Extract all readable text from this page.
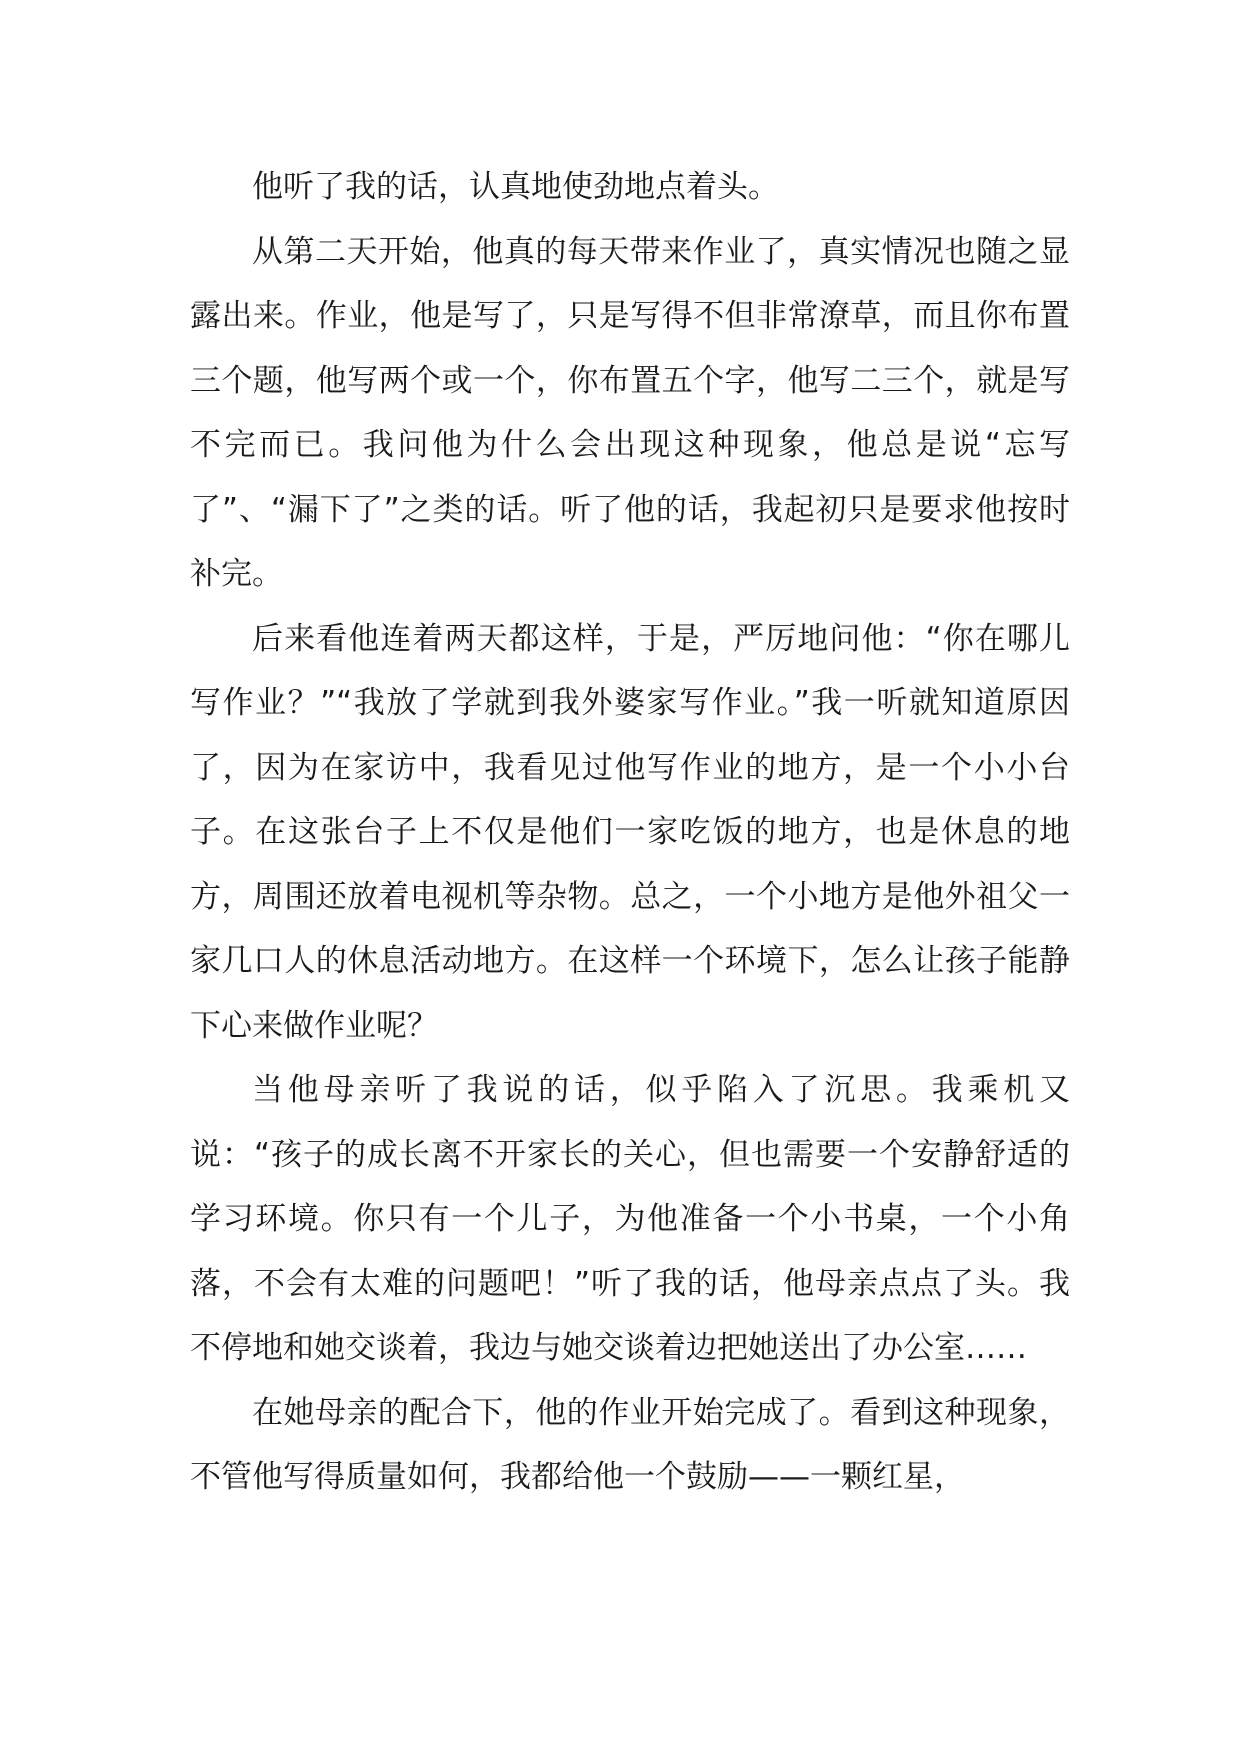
他听了我的话，认真地使劲地点着头。

从第二天开始，他真的每天带来作业了，真实情况也随之显露出来。作业，他是写了，只是写得不但非常潦草，而且你布置三个题，他写两个或一个，你布置五个字，他写二三个，就是写不完而已。我问他为什么会出现这种现象，他总是说“忘写了”、“漏下了”之类的话。听了他的话，我起初只是要求他按时补完。

后来看他连着两天都这样，于是，严厉地问他：“你在哪儿写作业？”“我放了学就到我外婆家写作业。”我一听就知道原因了，因为在家访中，我看见过他写作业的地方，是一个小小台子。在这张台子上不仅是他们一家吃饭的地方，也是休息的地方，周围还放着电视机等杂物。总之，一个小地方是他外祖父一家几口人的休息活动地方。在这样一个环境下，怎么让孩子能静下心来做作业呢？

当他母亲听了我说的话，似乎陷入了沉思。我乘机又说：“孩子的成长离不开家长的关心，但也需要一个安静舒适的学习环境。你只有一个儿子，为他准备一个小书桌，一个小角落，不会有太难的问题吧！”听了我的话，他母亲点点了头。我不停地和她交谈着，我边与她交谈着边把她送出了办公室……

在她母亲的配合下，他的作业开始完成了。看到这种现象，不管他写得质量如何，我都给他一个鼓励——一颗红星，
